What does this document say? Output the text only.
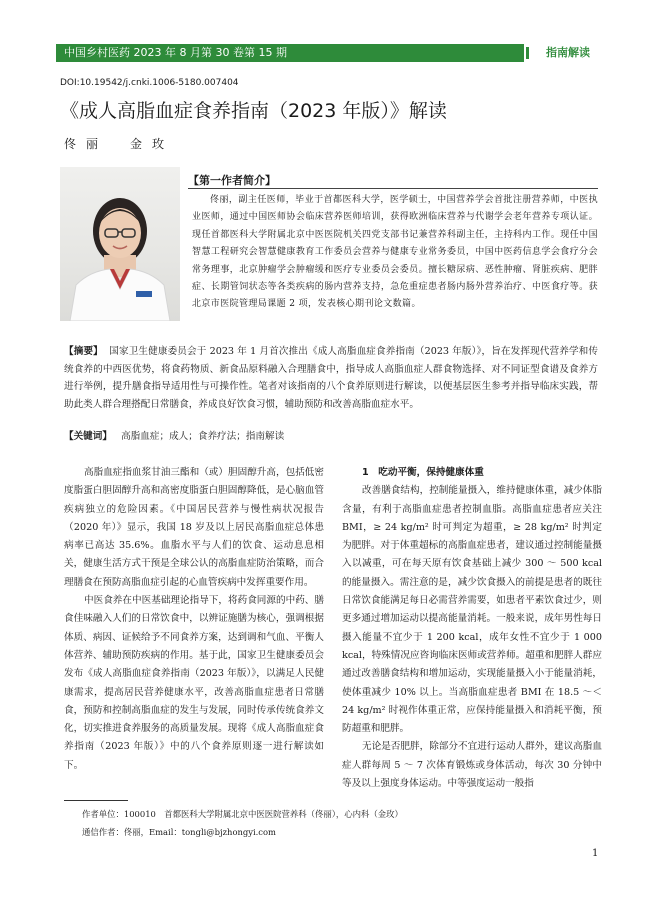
中国乡村医药 2023 年 8 月第 30 卷第 15 期	指南解读
DOI:10.19542/j.cnki.1006-5180.007404
《成人高脂血症食养指南（2023 年版）》解读
佟丽　金玫
【第一作者简介】
佟丽，副主任医师，毕业于首都医科大学，医学硕士，中国营养学会首批注册营养师，中医执业医师，通过中国医师协会临床营养医师培训，获得欧洲临床营养与代谢学会老年营养专项认证。现任首都医科大学附属北京中医医院机关四党支部书记兼营养科副主任，主持科内工作。现任中国智慧工程研究会智慧健康教育工作委员会营养与健康专业常务委员，中国中医药信息学会食疗分会常务理事，北京肿瘤学会肿瘤缓和医疗专业委员会委员。擅长糖尿病、恶性肿瘤、肾脏疾病、肥胖症、长期管饲状态等各类疾病的肠内营养支持，急危重症患者肠内肠外营养治疗、中医食疗等。获北京市医院管理局课题 2 项，发表核心期刊论文数篇。
【摘要】 国家卫生健康委员会于 2023 年 1 月首次推出《成人高脂血症食养指南（2023 年版）》，旨在发挥现代营养学和传统食养的中西医优势，将食药物质、新食品原料融入合理膳食中，指导成人高脂血症人群食物选择、对不同证型食谱及食养方进行举例，提升膳食指导适用性与可操作性。笔者对该指南的八个食养原则进行解读，以便基层医生参考并指导临床实践，帮助此类人群合理搭配日常膳食，养成良好饮食习惯，辅助预防和改善高脂血症水平。
【关键词】 高脂血症；成人；食养疗法；指南解读

高脂血症指血浆甘油三酯和（或）胆固醇升高，包括低密度脂蛋白胆固醇升高和高密度脂蛋白胆固醇降低，是心脑血管疾病独立的危险因素。《中国居民营养与慢性病状况报告（2020 年）》显示，我国 18 岁及以上居民高脂血症总体患病率已高达 35.6%。血脂水平与人们的饮食、运动息息相关，健康生活方式干预是全球公认的高脂血症防治策略，而合理膳食在预防高脂血症引起的心血管疾病中发挥重要作用。

中医食养在中医基础理论指导下，将药食同源的中药、膳食佳味融入人们的日常饮食中，以辨证施膳为核心，强调根据体质、病因、证候给予不同食养方案，达到调和气血、平衡人体营养、辅助预防疾病的作用。基于此，国家卫生健康委员会发布《成人高脂血症食养指南（2023 年版）》，以满足人民健康需求，提高居民营养健康水平，改善高脂血症患者日常膳食，预防和控制高脂血症的发生与发展，同时传承传统食养文化，切实推进食养服务的高质量发展。现将《成人高脂血症食养指南（2023 年版）》中的八个食养原则逐一进行解读如下。

1　吃动平衡，保持健康体重

改善膳食结构，控制能量摄入，维持健康体重，减少体脂含量，有利于高脂血症患者控制血脂。高脂血症患者应关注 BMI，≥ 24 kg/m² 时可判定为超重，≥ 28 kg/m² 时判定为肥胖。对于体重超标的高脂血症患者，建议通过控制能量摄入以减重，可在每天原有饮食基础上减少 300 ～ 500 kcal 的能量摄入。需注意的是，减少饮食摄入的前提是患者的既往日常饮食能满足每日必需营养需要，如患者平素饮食过少，则更多通过增加运动以提高能量消耗。一般来说，成年男性每日摄入能量不宜少于 1 200 kcal，成年女性不宜少于 1 000 kcal，特殊情况应咨询临床医师或营养师。超重和肥胖人群应通过改善膳食结构和增加运动，实现能量摄入小于能量消耗，使体重减少 10% 以上。当高脂血症患者 BMI 在 18.5 ～＜ 24 kg/m² 时视作体重正常，应保持能量摄入和消耗平衡，预防超重和肥胖。

无论是否肥胖，除部分不宜进行运动人群外，建议高脂血症人群每周 5 ～ 7 次体育锻炼或身体活动，每次 30 分钟中等及以上强度身体运动。中等强度运动一般指

作者单位：100010　首都医科大学附属北京中医医院营养科（佟丽），心内科（金玫）
通信作者：佟丽，Email：tongli@bjzhongyi.com
1
